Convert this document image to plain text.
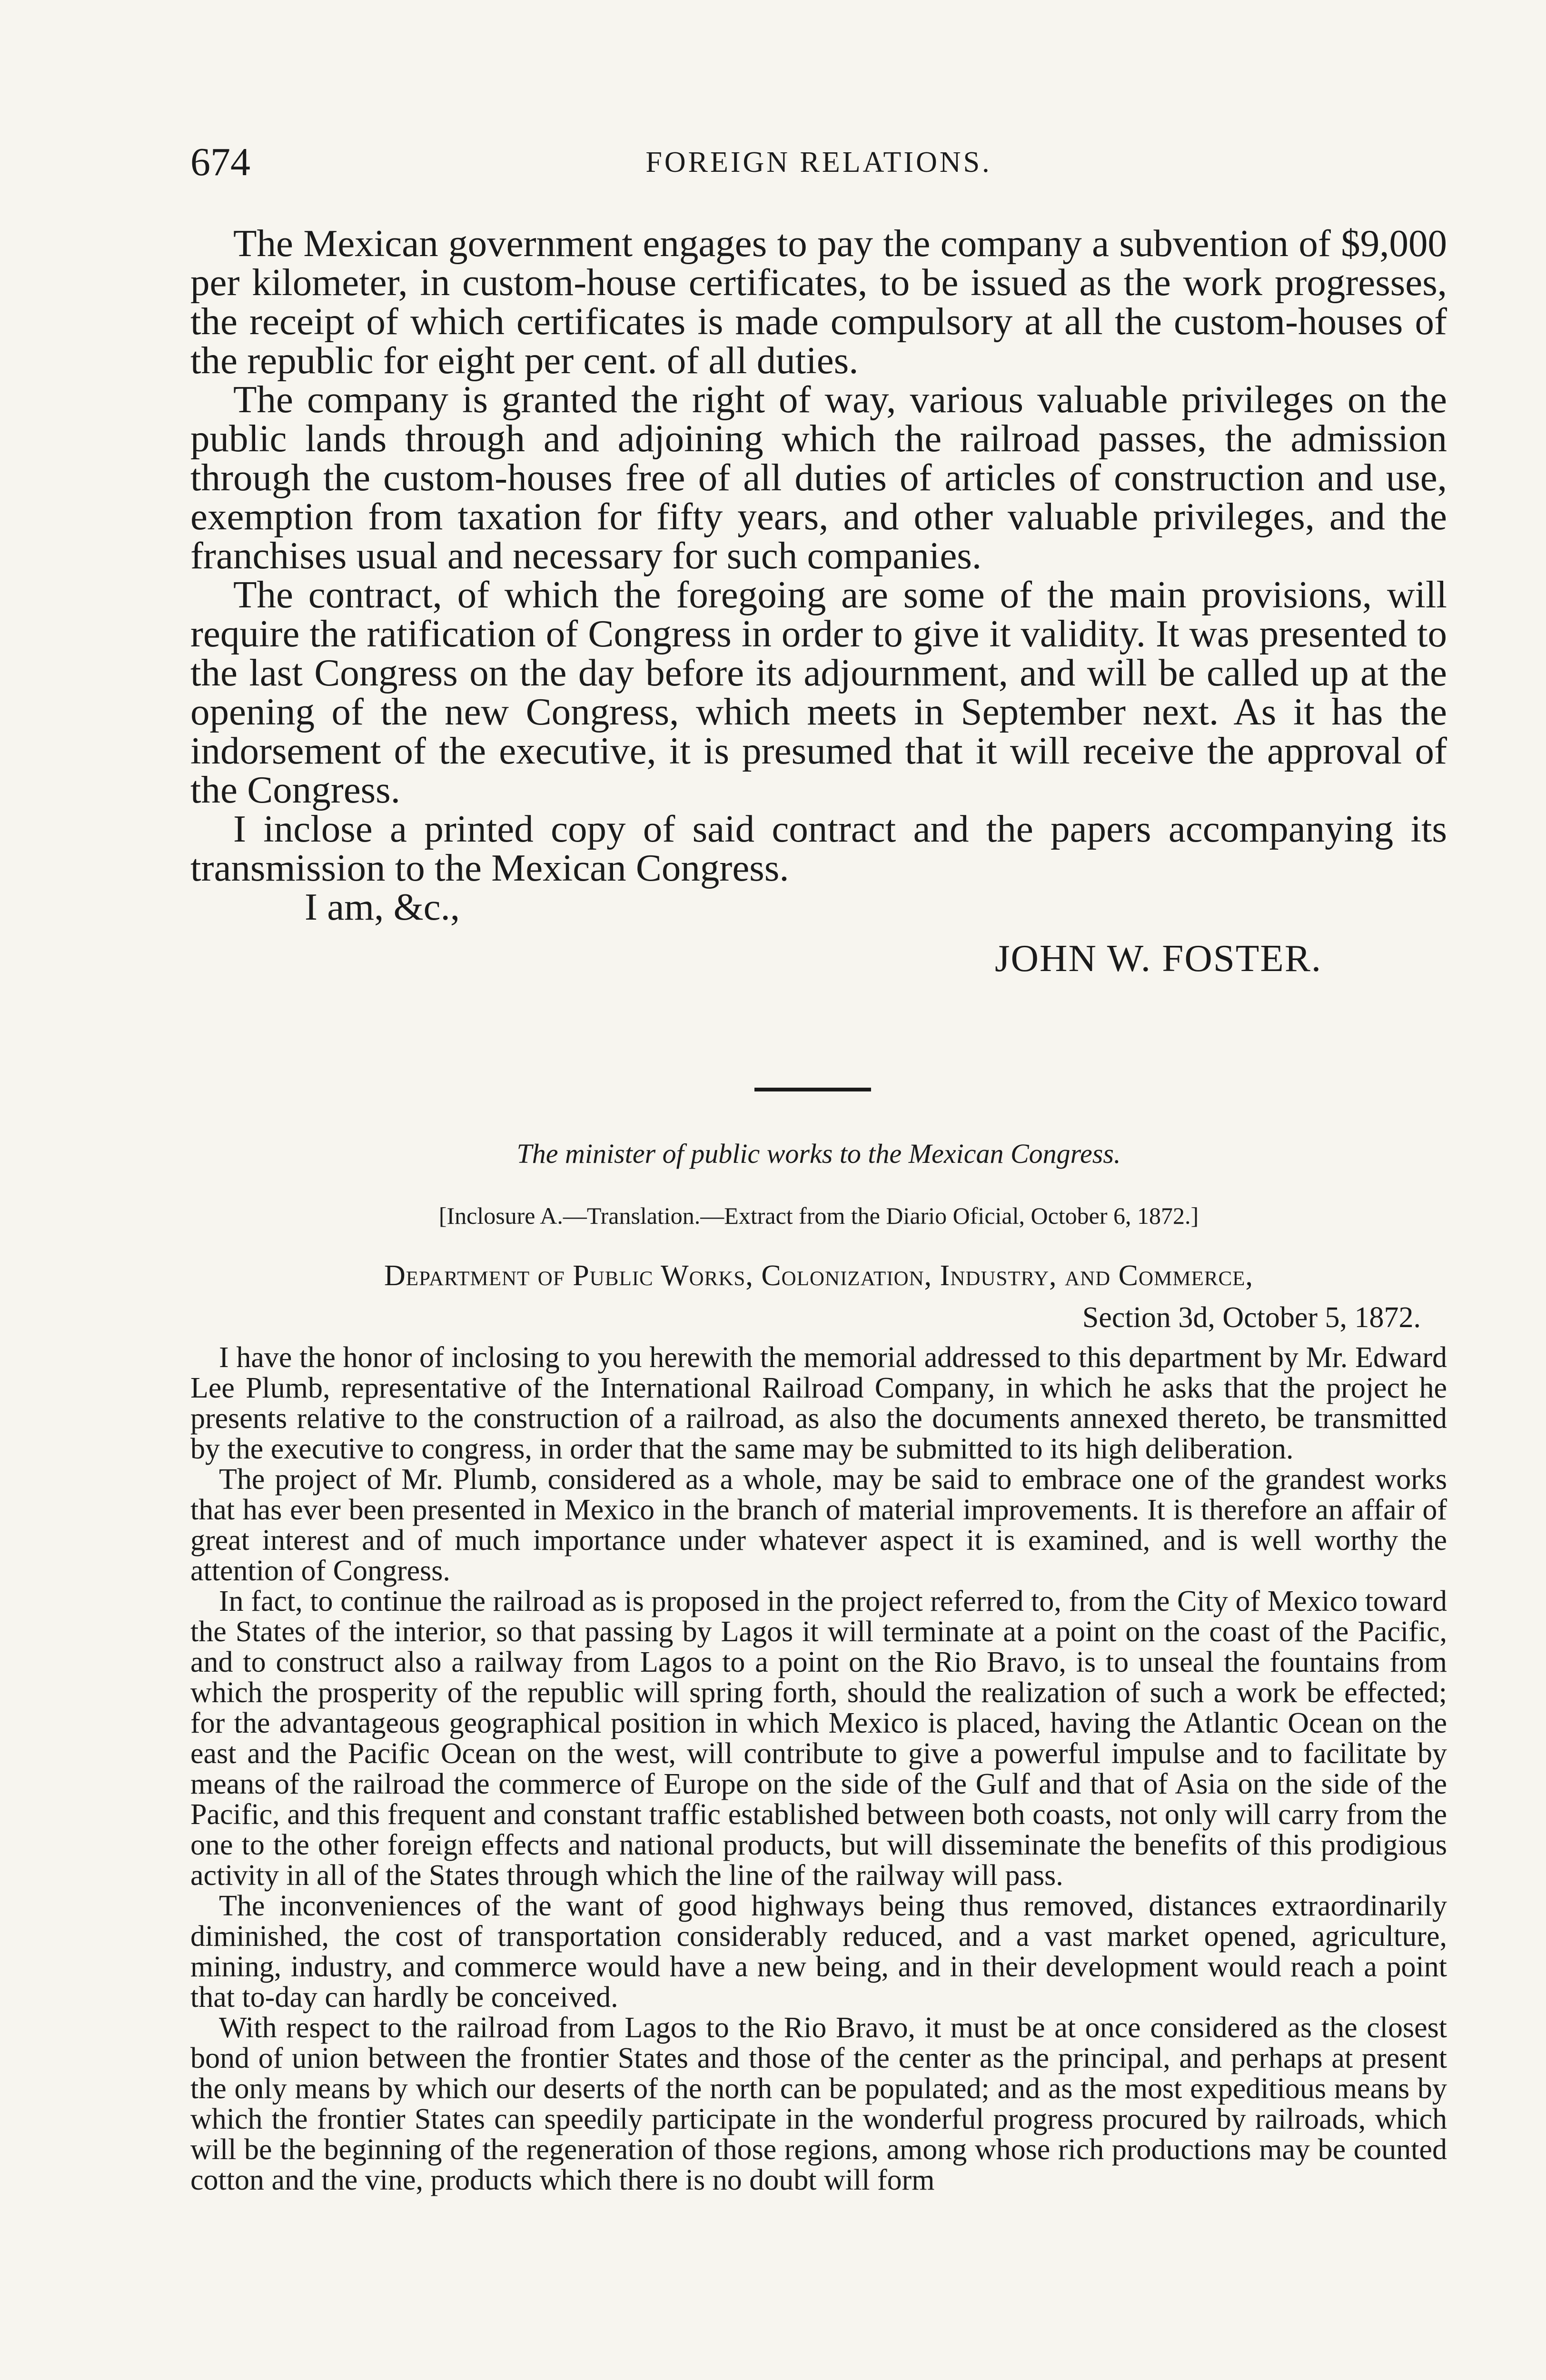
674	FOREIGN RELATIONS.

The Mexican government engages to pay the company a subvention of $9,000 per kilometer, in custom-house certificates, to be issued as the work progresses, the receipt of which certificates is made compulsory at all the custom-houses of the republic for eight per cent. of all duties.

The company is granted the right of way, various valuable privileges on the public lands through and adjoining which the railroad passes, the admission through the custom-houses free of all duties of articles of construction and use, exemption from taxation for fifty years, and other valuable privileges, and the franchises usual and necessary for such companies.

The contract, of which the foregoing are some of the main provisions, will require the ratification of Congress in order to give it validity. It was presented to the last Congress on the day before its adjournment, and will be called up at the opening of the new Congress, which meets in September next. As it has the indorsement of the executive, it is presumed that it will receive the approval of the Congress.

I inclose a printed copy of said contract and the papers accompanying its transmission to the Mexican Congress.

I am, &c.,

JOHN W. FOSTER.

The minister of public works to the Mexican Congress.
[Inclosure A.—Translation.—Extract from the Diario Oficial, October 6, 1872.]
Department of Public Works, Colonization, Industry, and Commerce,
Section 3d, October 5, 1872.

I have the honor of inclosing to you herewith the memorial addressed to this department by Mr. Edward Lee Plumb, representative of the International Railroad Company, in which he asks that the project he presents relative to the construction of a railroad, as also the documents annexed thereto, be transmitted by the executive to congress, in order that the same may be submitted to its high deliberation.

The project of Mr. Plumb, considered as a whole, may be said to embrace one of the grandest works that has ever been presented in Mexico in the branch of material improvements. It is therefore an affair of great interest and of much importance under whatever aspect it is examined, and is well worthy the attention of Congress.

In fact, to continue the railroad as is proposed in the project referred to, from the City of Mexico toward the States of the interior, so that passing by Lagos it will terminate at a point on the coast of the Pacific, and to construct also a railway from Lagos to a point on the Rio Bravo, is to unseal the fountains from which the prosperity of the republic will spring forth, should the realization of such a work be effected; for the advantageous geographical position in which Mexico is placed, having the Atlantic Ocean on the east and the Pacific Ocean on the west, will contribute to give a powerful impulse and to facilitate by means of the railroad the commerce of Europe on the side of the Gulf and that of Asia on the side of the Pacific, and this frequent and constant traffic established between both coasts, not only will carry from the one to the other foreign effects and national products, but will disseminate the benefits of this prodigious activity in all of the States through which the line of the railway will pass.

The inconveniences of the want of good highways being thus removed, distances extraordinarily diminished, the cost of transportation considerably reduced, and a vast market opened, agriculture, mining, industry, and commerce would have a new being, and in their development would reach a point that to-day can hardly be conceived.

With respect to the railroad from Lagos to the Rio Bravo, it must be at once considered as the closest bond of union between the frontier States and those of the center as the principal, and perhaps at present the only means by which our deserts of the north can be populated; and as the most expeditious means by which the frontier States can speedily participate in the wonderful progress procured by railroads, which will be the beginning of the regeneration of those regions, among whose rich productions may be counted cotton and the vine, products which there is no doubt will form
